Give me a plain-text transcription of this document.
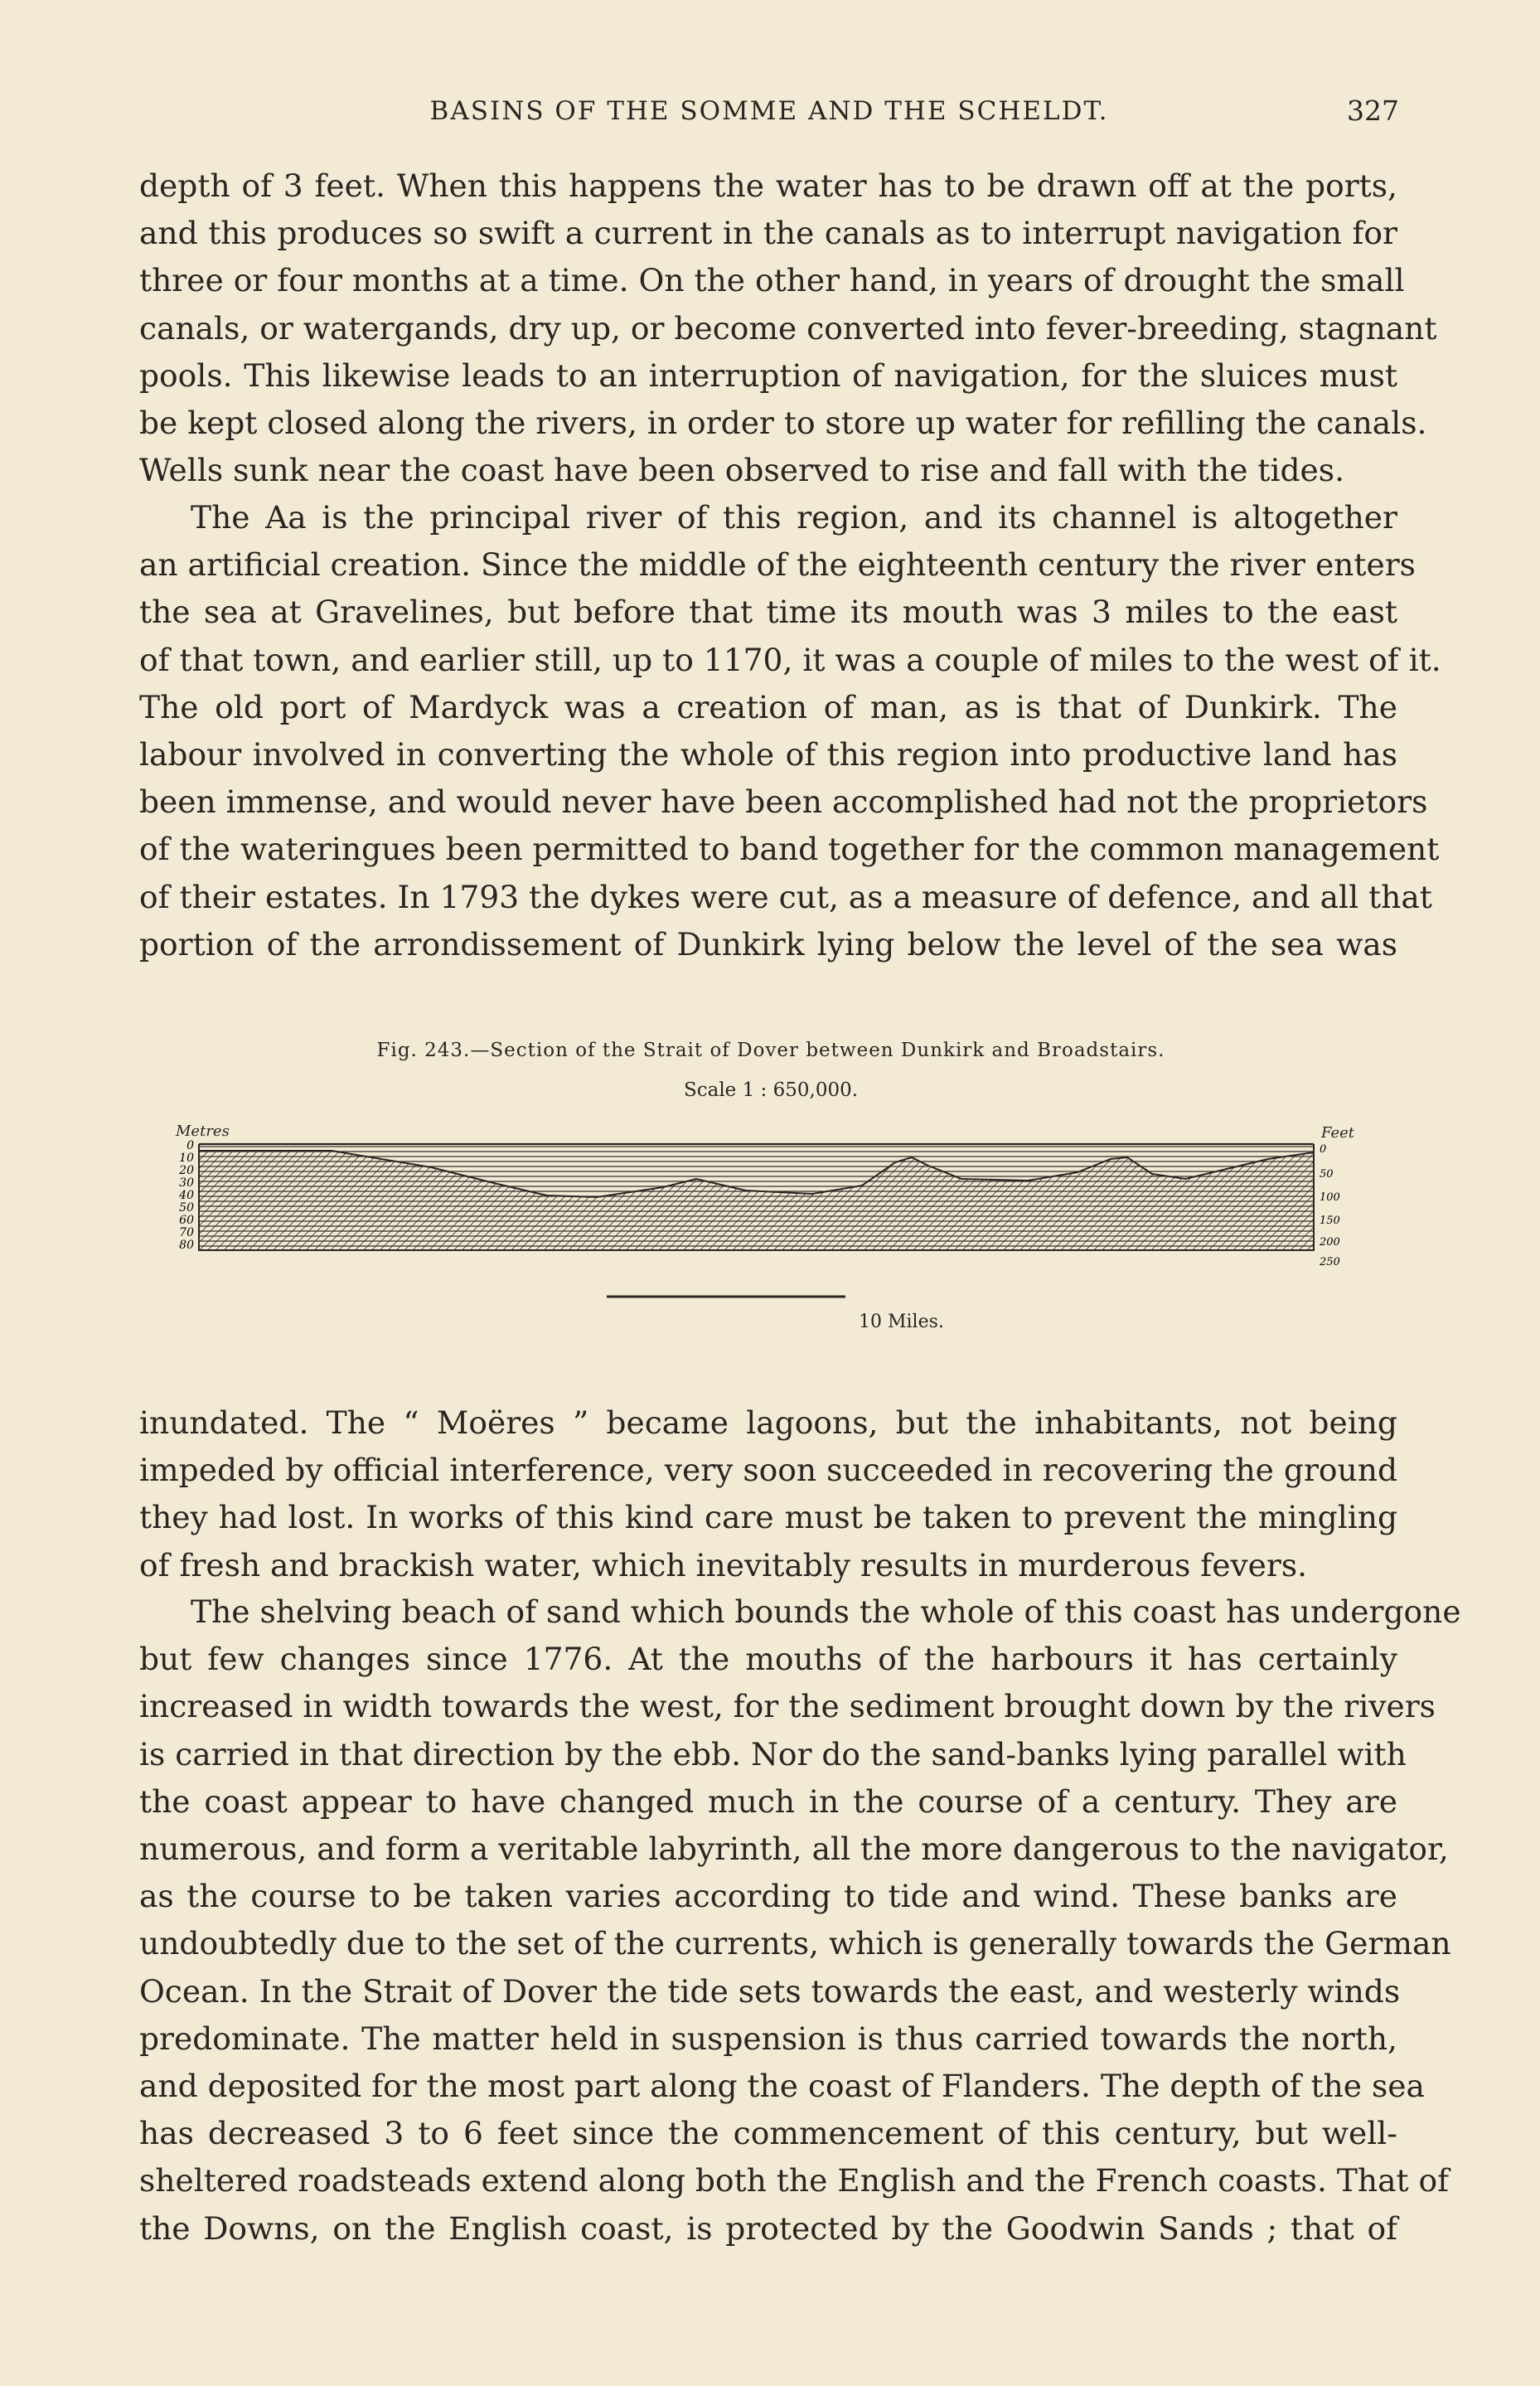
BASINS OF THE SOMME AND THE SCHELDT.	327
depth of 3 feet. When this happens the water has to be drawn off at the ports,
and this produces so swift a current in the canals as to interrupt navigation for
three or four months at a time. On the other hand, in years of drought the small
canals, or watergands, dry up, or become converted into fever-breeding, stagnant
pools. This likewise leads to an interruption of navigation, for the sluices must
be kept closed along the rivers, in order to store up water for refilling the canals.
Wells sunk near the coast have been observed to rise and fall with the tides.
The Aa is the principal river of this region, and its channel is altogether
an artificial creation. Since the middle of the eighteenth century the river enters
the sea at Gravelines, but before that time its mouth was 3 miles to the east
of that town, and earlier still, up to 1170, it was a couple of miles to the west of it.
The old port of Mardyck was a creation of man, as is that of Dunkirk. The
labour involved in converting the whole of this region into productive land has
been immense, and would never have been accomplished had not the proprietors
of the wateringues been permitted to band together for the common management
of their estates. In 1793 the dykes were cut, as a measure of defence, and all that
portion of the arrondissement of Dunkirk lying below the level of the sea was
Fig. 243.—Section of the Strait of Dover between Dunkirk and Broadstairs.
Scale 1 : 650,000.
Metres
0
10
20
30
40
50
60
70
80
Feet
0
50
100
150
200
250
10 Miles.
inundated. The “ Moëres ” became lagoons, but the inhabitants, not being
impeded by official interference, very soon succeeded in recovering the ground
they had lost. In works of this kind care must be taken to prevent the mingling
of fresh and brackish water, which inevitably results in murderous fevers.
The shelving beach of sand which bounds the whole of this coast has undergone
but few changes since 1776. At the mouths of the harbours it has certainly
increased in width towards the west, for the sediment brought down by the rivers
is carried in that direction by the ebb. Nor do the sand-banks lying parallel with
the coast appear to have changed much in the course of a century. They are
numerous, and form a veritable labyrinth, all the more dangerous to the navigator,
as the course to be taken varies according to tide and wind. These banks are
undoubtedly due to the set of the currents, which is generally towards the German
Ocean. In the Strait of Dover the tide sets towards the east, and westerly winds
predominate. The matter held in suspension is thus carried towards the north,
and deposited for the most part along the coast of Flanders. The depth of the sea
has decreased 3 to 6 feet since the commencement of this century, but well-
sheltered roadsteads extend along both the English and the French coasts. That of
the Downs, on the English coast, is protected by the Goodwin Sands ; that of
